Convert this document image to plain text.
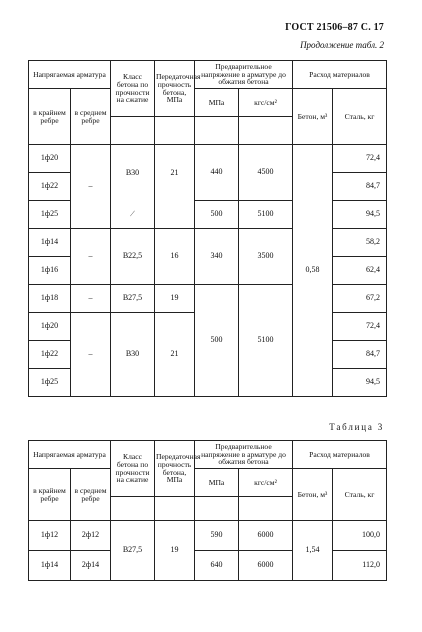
ГОСТ 21506–87 С. 17
Продолжение табл. 2
Напрягаемая арматура		Класс бетона по прочности на сжатие	Передаточная прочность бетона, МПа	Предварительное напряжение в арматуре до обжатия бетона		Расход материалов	
в крайнем ребре	в среднем ребре			МПа	кгс/см²	Бетон, м³	Сталь, кг

1ф20	–	В30	21	440	4500	0,58	72,4
1ф22							84,7
1ф25		/		500	5100		94,5
1ф14	–	В22,5	16	340	3500		58,2
1ф16							62,4
1ф18	–	В27,5	19	500	5100		67,2
1ф20	–	В30	21				72,4
1ф22							84,7
1ф25							94,5
Таблица 3
Напрягаемая арматура		Класс бетона по прочности на сжатие	Передаточная прочность бетона, МПа	Предварительное напряжение в арматуре до обжатия бетона		Расход материалов	
в крайнем ребре	в среднем ребре			МПа	кгс/см²	Бетон, м³	Сталь, кг

1ф12	2ф12	В27,5	19	590	6000	1,54	100,0
1ф14	2ф14			640	6000		112,0
